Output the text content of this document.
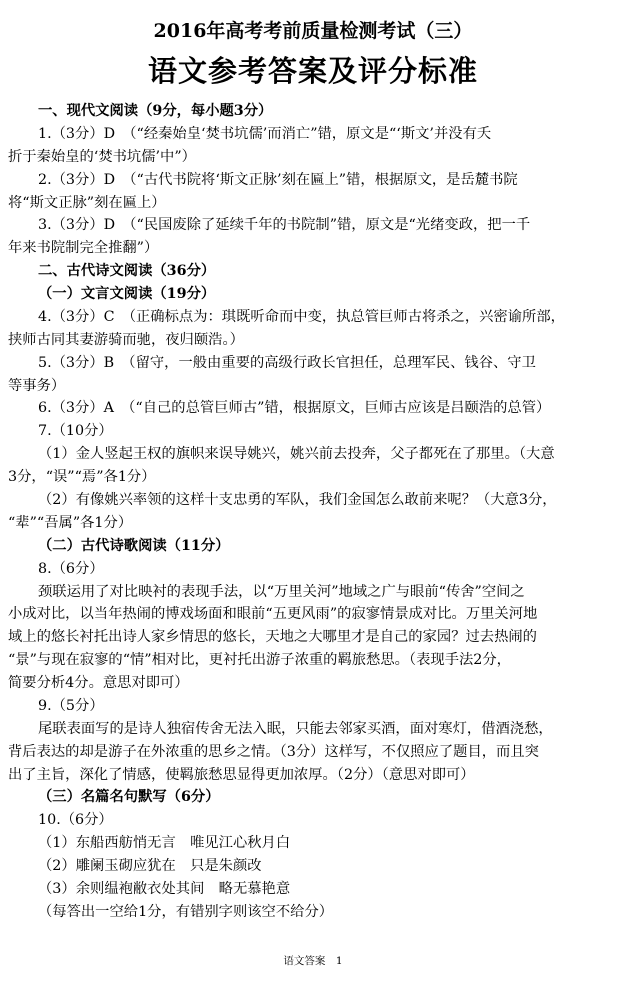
2016年高考考前质量检测考试（三）
语文参考答案及评分标准
一、现代文阅读（9分，每小题3分）
1.（3分）D　（“经秦始皇‘焚书坑儒’而消亡”错，原文是“‘斯文’并没有夭
折于秦始皇的‘焚书坑儒’中”）
2.（3分）D　（“古代书院将‘斯文正脉’刻在匾上”错，根据原文，是岳麓书院
将“斯文正脉”刻在匾上）
3.（3分）D　（“民国废除了延续千年的书院制”错，原文是“光绪变政，把一千
年来书院制完全推翻”）
二、古代诗文阅读（36分）
（一）文言文阅读（19分）
4.（3分）C　（正确标点为：琪既听命而中变，执总管巨师古将杀之，兴密谕所部，
挟师古同其妻游骑而驰，夜归颐浩。）
5.（3分）B　（留守，一般由重要的高级行政长官担任，总理军民、钱谷、守卫
等事务）
6.（3分）A　（“自己的总管巨师古”错，根据原文，巨师古应该是吕颐浩的总管）
7.（10分）
（1）金人竖起王权的旗帜来误导姚兴，姚兴前去投奔，父子都死在了那里。（大意
3分，“误”“焉”各1分）
（2）有像姚兴率领的这样十支忠勇的军队，我们金国怎么敢前来呢？（大意3分，
“辈”“吾属”各1分）
（二）古代诗歌阅读（11分）
8.（6分）
颈联运用了对比映衬的表现手法，以“万里关河”地域之广与眼前“传舍”空间之
小成对比，以当年热闹的博戏场面和眼前“五更风雨”的寂寥情景成对比。万里关河地
域上的悠长衬托出诗人家乡情思的悠长，天地之大哪里才是自己的家园？过去热闹的
“景”与现在寂寥的“情”相对比，更衬托出游子浓重的羁旅愁思。（表现手法2分，
简要分析4分。意思对即可）
9.（5分）
尾联表面写的是诗人独宿传舍无法入眠，只能去邻家买酒，面对寒灯，借酒浇愁，
背后表达的却是游子在外浓重的思乡之情。（3分）这样写，不仅照应了题目，而且突
出了主旨，深化了情感，使羁旅愁思显得更加浓厚。（2分）（意思对即可）
（三）名篇名句默写（6分）
10.（6分）
（1）东船西舫悄无言　唯见江心秋月白
（2）雕阑玉砌应犹在　只是朱颜改
（3）余则缊袍敝衣处其间　略无慕艳意
（每答出一空给1分，有错别字则该空不给分）
语文答案　1
